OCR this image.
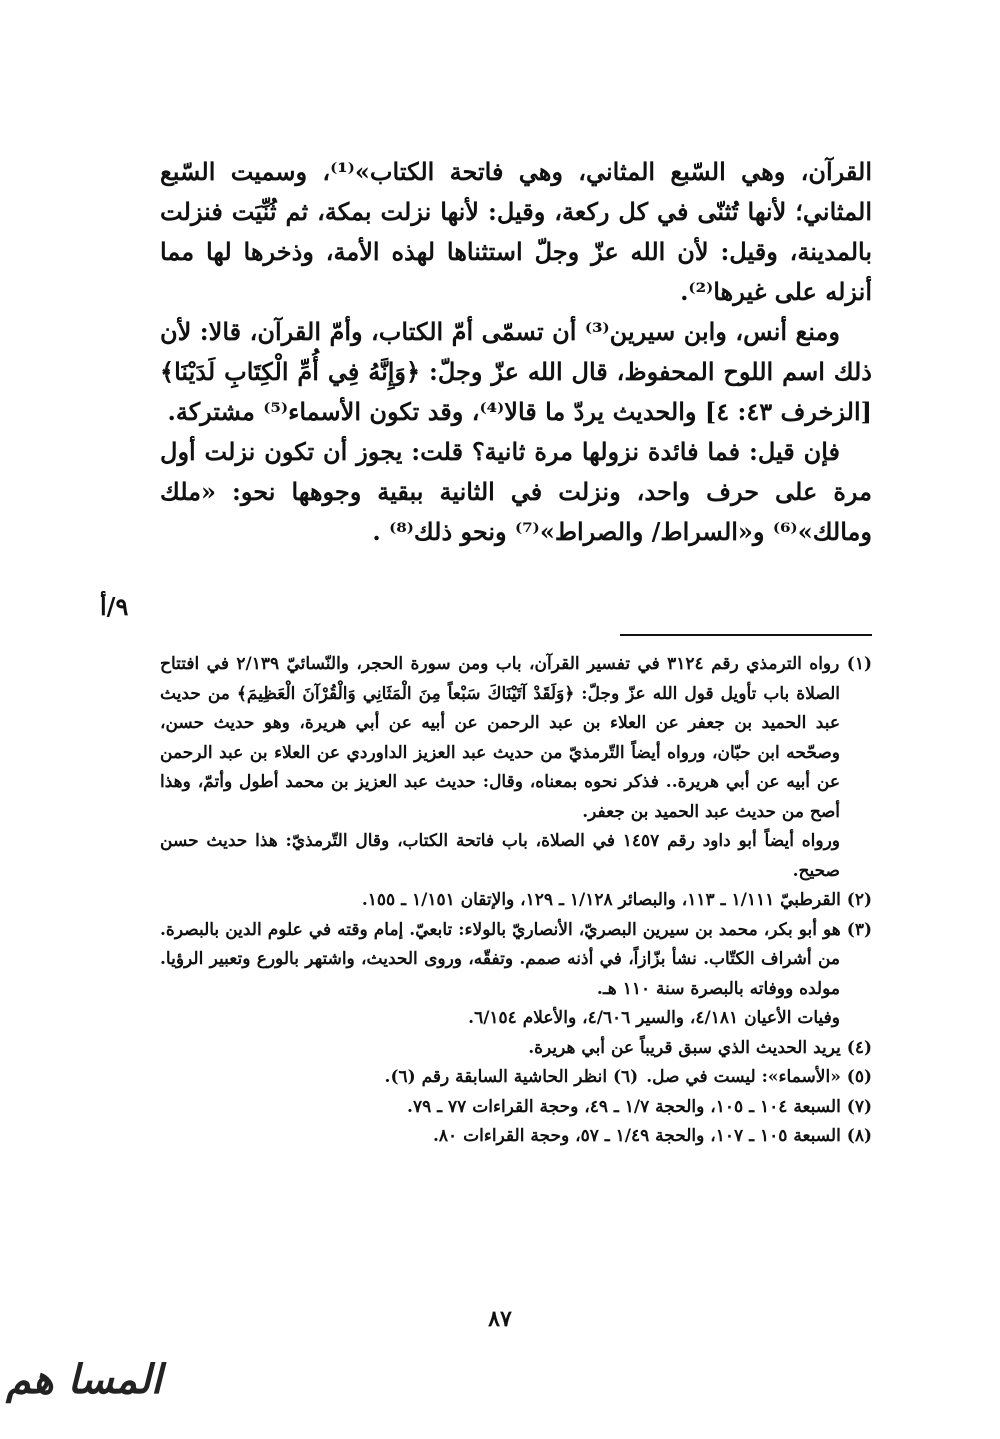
القرآن، وهي السّبع المثاني، وهي فاتحة الكتاب»⁽¹⁾، وسميت السّبع المثاني؛ لأنها تُثنّى في كل ركعة، وقيل: لأنها نزلت بمكة، ثم ثُنِّيَت فنزلت بالمدينة، وقيل: لأن الله عزّ وجلّ استثناها لهذه الأمة، وذخرها لها مما أنزله على غيرها⁽²⁾.

ومنع أنس، وابن سيرين⁽³⁾ أن تسمّى أمّ الكتاب، وأمّ القرآن، قالا: لأن ذلك اسم اللوح المحفوظ، قال الله عزّ وجلّ: ﴿وَإِنَّهُ فِي أُمِّ الْكِتَابِ لَدَيْنَا﴾ [الزخرف ٤٣: ٤] والحديث يردّ ما قالا⁽⁴⁾، وقد تكون الأسماء⁽⁵⁾ مشتركة.

فإن قيل: فما فائدة نزولها مرة ثانية؟ قلت: يجوز أن تكون نزلت أول مرة على حرف واحد، ونزلت في الثانية ببقية وجوهها نحو: «ملك ومالك»⁽⁶⁾ و«السراط/ والصراط»⁽⁷⁾ ونحو ذلك⁽⁸⁾ .

٩/أ
(١) رواه الترمذي رقم ٣١٢٤ في تفسير القرآن، باب ومن سورة الحجر، والنّسائيّ ٢/١٣٩ في افتتاح الصلاة باب تأويل قول الله عزّ وجلّ: ﴿وَلَقَدْ آتَيْنَاكَ سَبْعاً مِنَ الْمَثَانِي وَالْقُرْآنَ الْعَظِيمَ﴾ من حديث عبد الحميد بن جعفر عن العلاء بن عبد الرحمن عن أبيه عن أبي هريرة، وهو حديث حسن، وصحّحه ابن حبّان، ورواه أيضاً التّرمذيّ من حديث عبد العزيز الداوردي عن العلاء بن عبد الرحمن عن أبيه عن أبي هريرة.. فذكر نحوه بمعناه، وقال: حديث عبد العزيز بن محمد أطول وأتمّ، وهذا أصح من حديث عبد الحميد بن جعفر.
ورواه أيضاً أبو داود رقم ١٤٥٧ في الصلاة، باب فاتحة الكتاب، وقال التّرمذيّ: هذا حديث حسن صحيح.
(٢) القرطبيّ ١/١١١ ـ ١١٣، والبصائر ١/١٢٨ ـ ١٢٩، والإتقان ١/١٥١ ـ ١٥٥.
(٣) هو أبو بكر، محمد بن سيرين البصريّ، الأنصاريّ بالولاء: تابعيّ. إمام وقته في علوم الدين بالبصرة. من أشراف الكتّاب. نشأ بزّازاً، في أذنه صمم. وتفقّه، وروى الحديث، واشتهر بالورع وتعبير الرؤيا. مولده ووفاته بالبصرة سنة ١١٠ هـ.
وفيات الأعيان ٤/١٨١، والسير ٤/٦٠٦، والأعلام ٦/١٥٤.
(٤) يريد الحديث الذي سبق قريباً عن أبي هريرة.
(٥) «الأسماء»: ليست في صل.
(٦) انظر الحاشية السابقة رقم (٦).
(٧) السبعة ١٠٤ ـ ١٠٥، والحجة ١/٧ ـ ٤٩، وحجة القراءات ٧٧ ـ ٧٩.
(٨) السبعة ١٠٥ ـ ١٠٧، والحجة ١/٤٩ ـ ٥٧، وحجة القراءات ٨٠.
٨٧
المسا هم
